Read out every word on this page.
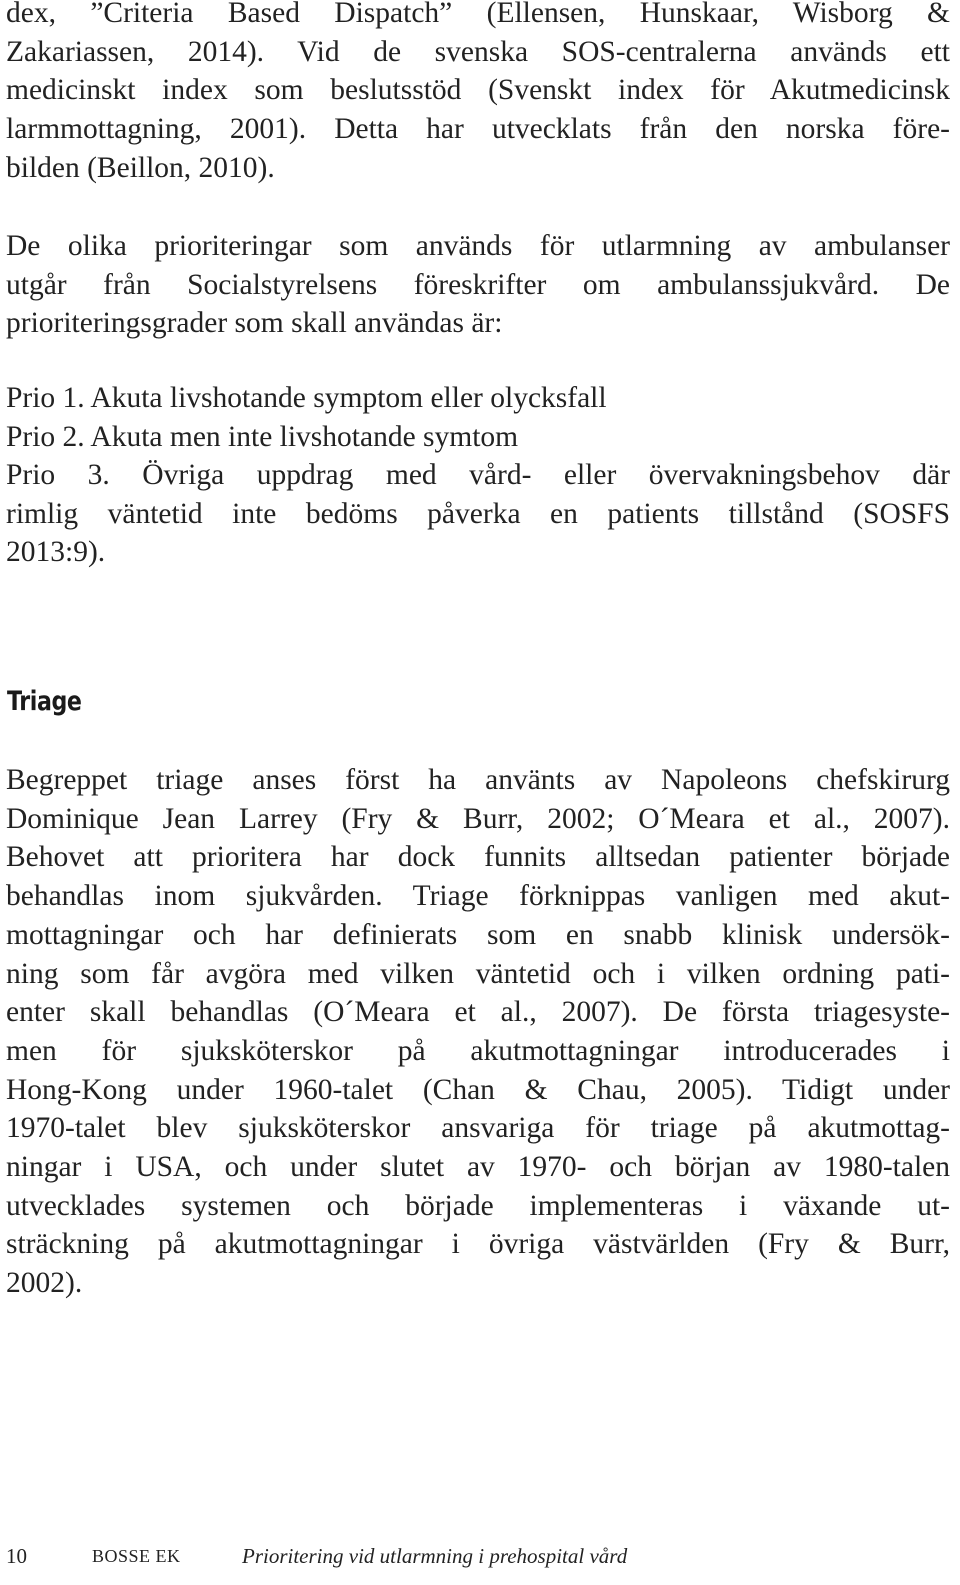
dex, ”Criteria Based Dispatch” (Ellensen, Hunskaar, Wisborg &
Zakariassen, 2014). Vid de svenska SOS-centralerna används ett
medicinskt index som beslutsstöd (Svenskt index för Akutmedicinsk
larmmottagning, 2001). Detta har utvecklats från den norska före-
bilden (Beillon, 2010).
De olika prioriteringar som används för utlarmning av ambulanser
utgår från Socialstyrelsens föreskrifter om ambulanssjukvård. De
prioriteringsgrader som skall användas är:
Prio 1. Akuta livshotande symptom eller olycksfall
Prio 2. Akuta men inte livshotande symtom
Prio 3. Övriga uppdrag med vård- eller övervakningsbehov där
rimlig väntetid inte bedöms påverka en patients tillstånd (SOSFS
2013:9).
Triage
Begreppet triage anses först ha använts av Napoleons chefskirurg
Dominique Jean Larrey (Fry & Burr, 2002; O´Meara et al., 2007).
Behovet att prioritera har dock funnits alltsedan patienter började
behandlas inom sjukvården. Triage förknippas vanligen med akut-
mottagningar och har definierats som en snabb klinisk undersök-
ning som får avgöra med vilken väntetid och i vilken ordning pati-
enter skall behandlas (O´Meara et al., 2007). De första triagesyste-
men för sjuksköterskor på akutmottagningar introducerades i
Hong-Kong under 1960-talet (Chan & Chau, 2005). Tidigt under
1970-talet blev sjuksköterskor ansvariga för triage på akutmottag-
ningar i USA, och under slutet av 1970- och början av 1980-talen
utvecklades systemen och började implementeras i växande ut-
sträckning på akutmottagningar i övriga västvärlden (Fry & Burr,
2002).
10	BOSSE EK	Prioritering vid utlarmning i prehospital vård
